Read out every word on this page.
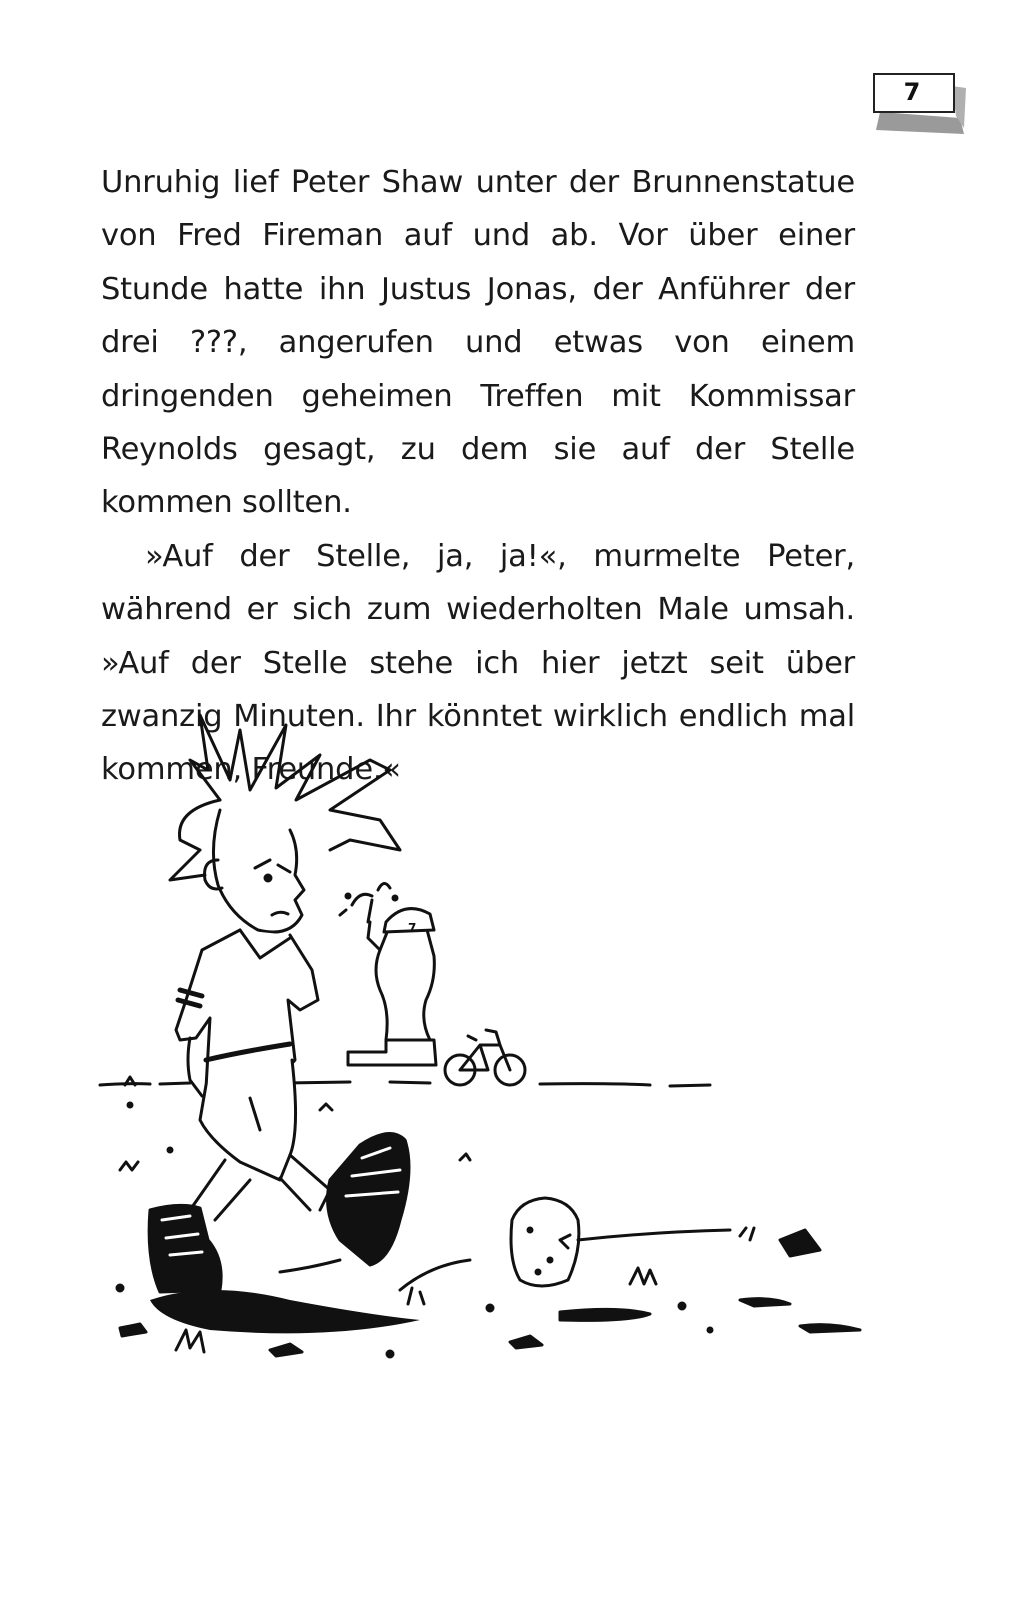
7

Unruhig lief Peter Shaw unter der Brunnenstatue von Fred Fireman auf und ab. Vor über einer Stunde hatte ihn Justus Jonas, der Anführer der drei ???, angerufen und etwas von einem dringenden geheimen Treffen mit Kommissar Reynolds gesagt, zu dem sie auf der Stelle kommen sollten.

»Auf der Stelle, ja, ja!«, murmelte Peter, während er sich zum wiederholten Male umsah. »Auf der Stelle stehe ich hier jetzt seit über zwanzig Minuten. Ihr könntet wirklich endlich mal kommen, Freunde.«

7
